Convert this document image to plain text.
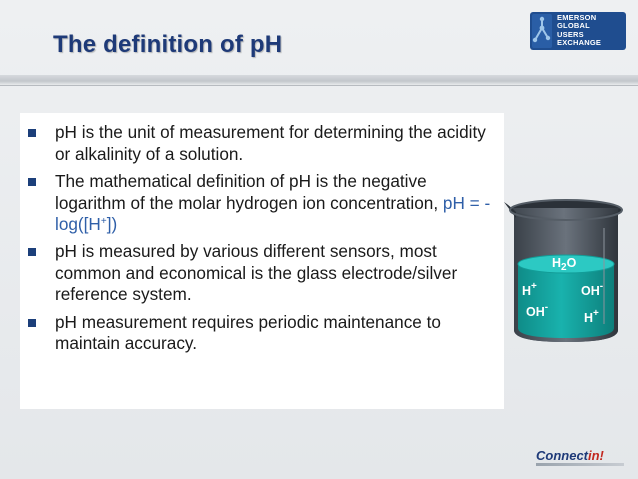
The definition of pH
EMERSON
GLOBAL
USERS
EXCHANGE
pH is the unit of measurement for determining the acidity or alkalinity of a solution.
The mathematical definition of pH is the negative logarithm of the molar hydrogen ion concentration, pH = - log([H+])
pH is measured by various different sensors, most common and economical is the glass electrode/silver reference system.
pH measurement requires periodic maintenance to maintain accuracy.
$H_2O$
H+	OH-
OH-
H+
Connectin!
